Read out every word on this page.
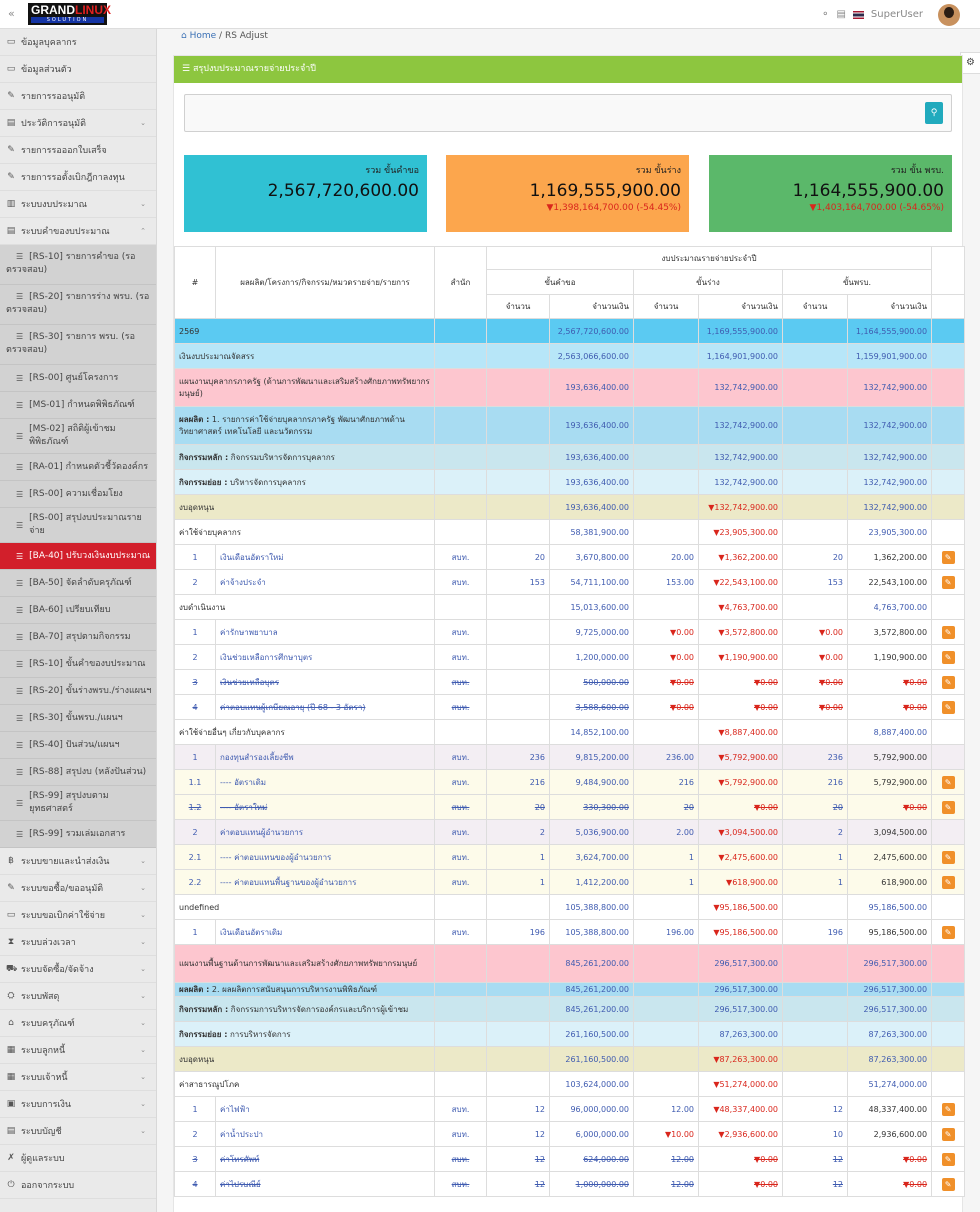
« GRANDLINUX
SOLUTION	⚬ ▤	SuperUser
▭ ข้อมูลบุคลากร
▭ ข้อมูลส่วนตัว
✎ รายการรออนุมัติ
▤ ประวัติการอนุมัติ	⌄
✎ รายการรอออกใบเสร็จ
✎ รายการรอตั้งเบิกฎีกาลงทุน
▥ ระบบงบประมาณ	⌄
▤ ระบบคำของบประมาณ	⌃
☰ [RS-10] รายการคำขอ (รอตรวจสอบ)
☰ [RS-20] รายการร่าง พรบ. (รอตรวจสอบ)
☰ [RS-30] รายการ พรบ. (รอตรวจสอบ)
☰ [RS-00] ศูนย์โครงการ
☰ [MS-01] กำหนดพิพิธภัณฑ์
☰
[MS-02] สถิติผู้เข้าชมพิพิธภัณฑ์
☰ [RA-01] กำหนดตัวชี้วัดองค์กร
☰ [RS-00] ความเชื่อมโยง
☰
[RS-00] สรุปงบประมาณรายจ่าย
☰ [BA-40] ปรับวงเงินงบประมาณ
☰ [BA-50] จัดลำดับครุภัณฑ์
☰ [BA-60] เปรียบเทียบ
☰ [BA-70] สรุปตามกิจกรรม
☰ [RS-10] ขั้นคำของบประมาณ
☰ [RS-20] ขั้นร่างพรบ./ร่างแผนฯ
☰ [RS-30] ขั้นพรบ./แผนฯ
☰ [RS-40] ปันส่วน/แผนฯ
☰ [RS-88] สรุปงบ (หลังปันส่วน)
☰
[RS-99] สรุปงบตามยุทธศาสตร์
☰ [RS-99] รวมเล่มเอกสาร
฿ ระบบขายและนำส่งเงิน	⌄
✎ ระบบขอซื้อ/ขออนุมัติ	⌄
▭ ระบบขอเบิกค่าใช้จ่าย	⌄
⧗ ระบบล่วงเวลา	⌄
⛟ ระบบจัดซื้อ/จัดจ้าง	⌄
⛭ ระบบพัสดุ	⌄
⌂ ระบบครุภัณฑ์	⌄
▦ ระบบลูกหนี้	⌄
▦ ระบบเจ้าหนี้	⌄
▣ ระบบการเงิน	⌄
▤ ระบบบัญชี	⌄
✗ ผู้ดูแลระบบ
⏻ ออกจากระบบ
⌂ Home / RS Adjust
⚙
☰ สรุปงบประมาณรายจ่ายประจำปี
⚲
รวม ขั้นคำขอ
2,567,720,600.00
รวม ขั้นร่าง
1,169,555,900.00
▼1,398,164,700.00 (-54.45%)
รวม ขั้น พรบ.
1,164,555,900.00
▼1,403,164,700.00 (-54.65%)
#	ผลผลิต/โครงการ/กิจกรรม/หมวดรายจ่าย/รายการ	สำนัก	งบประมาณรายจ่ายประจำปี						
			ขั้นคำขอ		ขั้นร่าง		ขั้นพรบ.		
			จำนวน	จำนวนเงิน	จำนวน	จำนวนเงิน	จำนวน	จำนวนเงิน	
2569				2,567,720,600.00		1,169,555,900.00		1,164,555,900.00	
เงินงบประมาณจัดสรร				2,563,066,600.00		1,164,901,900.00		1,159,901,900.00	
แผนงานบุคลากรภาครัฐ (ด้านการพัฒนาและเสริมสร้างศักยภาพทรัพยากรมนุษย์)				193,636,400.00		132,742,900.00		132,742,900.00	
ผลผลิต : 1. รายการค่าใช้จ่ายบุคลากรภาครัฐ พัฒนาศักยภาพด้านวิทยาศาสตร์ เทคโนโลยี และนวัตกรรม				193,636,400.00		132,742,900.00		132,742,900.00	
กิจกรรมหลัก : กิจกรรมบริหารจัดการบุคลากร				193,636,400.00		132,742,900.00		132,742,900.00	
กิจกรรมย่อย : บริหารจัดการบุคลากร				193,636,400.00		132,742,900.00		132,742,900.00	
งบอุดหนุน				193,636,400.00		▼132,742,900.00		132,742,900.00	
ค่าใช้จ่ายบุคลากร				58,381,900.00		▼23,905,300.00		23,905,300.00	
1	เงินเดือนอัตราใหม่	สบท.	20	3,670,800.00	20.00	▼1,362,200.00	20	1,362,200.00	✎
2	ค่าจ้างประจำ	สบท.	153	54,711,100.00	153.00	▼22,543,100.00	153	22,543,100.00	✎
งบดำเนินงาน				15,013,600.00		▼4,763,700.00		4,763,700.00	
1	ค่ารักษาพยาบาล	สบท.		9,725,000.00	▼0.00	▼3,572,800.00	▼0.00	3,572,800.00	✎
2	เงินช่วยเหลือการศึกษาบุตร	สบท.		1,200,000.00	▼0.00	▼1,190,900.00	▼0.00	1,190,900.00	✎
3	เงินช่วยเหลือบุตร	สบท.		500,000.00	▼0.00	▼0.00	▼0.00	▼0.00	✎
4	ค่าตอบแทนผู้เกษียณอายุ (ปี 68 - 3 อัตรา)	สบท.		3,588,600.00	▼0.00	▼0.00	▼0.00	▼0.00	✎
ค่าใช้จ่ายอื่นๆ เกี่ยวกับบุคลากร				14,852,100.00		▼8,887,400.00		8,887,400.00	
1	กองทุนสำรองเลี้ยงชีพ	สบท.	236	9,815,200.00	236.00	▼5,792,900.00	236	5,792,900.00	
1.1	---- อัตราเดิม	สบท.	216	9,484,900.00	216	▼5,792,900.00	216	5,792,900.00	✎
1.2	---- อัตราใหม่	สบท.	20	330,300.00	20	▼0.00	20	▼0.00	✎
2	ค่าตอบแทนผู้อำนวยการ	สบท.	2	5,036,900.00	2.00	▼3,094,500.00	2	3,094,500.00	
2.1	---- ค่าตอบแทนของผู้อำนวยการ	สบท.	1	3,624,700.00	1	▼2,475,600.00	1	2,475,600.00	✎
2.2	---- ค่าตอบแทนพื้นฐานของผู้อำนวยการ	สบท.	1	1,412,200.00	1	▼618,900.00	1	618,900.00	✎
undefined				105,388,800.00		▼95,186,500.00		95,186,500.00	
1	เงินเดือนอัตราเดิม	สบท.	196	105,388,800.00	196.00	▼95,186,500.00	196	95,186,500.00	✎
แผนงานพื้นฐานด้านการพัฒนาและเสริมสร้างศักยภาพทรัพยากรมนุษย์				845,261,200.00		296,517,300.00		296,517,300.00	
ผลผลิต : 2. ผลผลิตการสนับสนุนการบริหารงานพิพิธภัณฑ์				845,261,200.00		296,517,300.00		296,517,300.00	
กิจกรรมหลัก : กิจกรรมการบริหารจัดการองค์กรและบริการผู้เข้าชม				845,261,200.00		296,517,300.00		296,517,300.00	
กิจกรรมย่อย : การบริหารจัดการ				261,160,500.00		87,263,300.00		87,263,300.00	
งบอุดหนุน				261,160,500.00		▼87,263,300.00		87,263,300.00	
ค่าสาธารณูปโภค				103,624,000.00		▼51,274,000.00		51,274,000.00	
1	ค่าไฟฟ้า	สบท.	12	96,000,000.00	12.00	▼48,337,400.00	12	48,337,400.00	✎
2	ค่าน้ำประปา	สบท.	12	6,000,000.00	▼10.00	▼2,936,600.00	10	2,936,600.00	✎
3	ค่าโทรศัพท์	สบท.	12	624,000.00	12.00	▼0.00	12	▼0.00	✎
4	ค่าไปรษณีย์	สบท.	12	1,000,000.00	12.00	▼0.00	12	▼0.00	✎
